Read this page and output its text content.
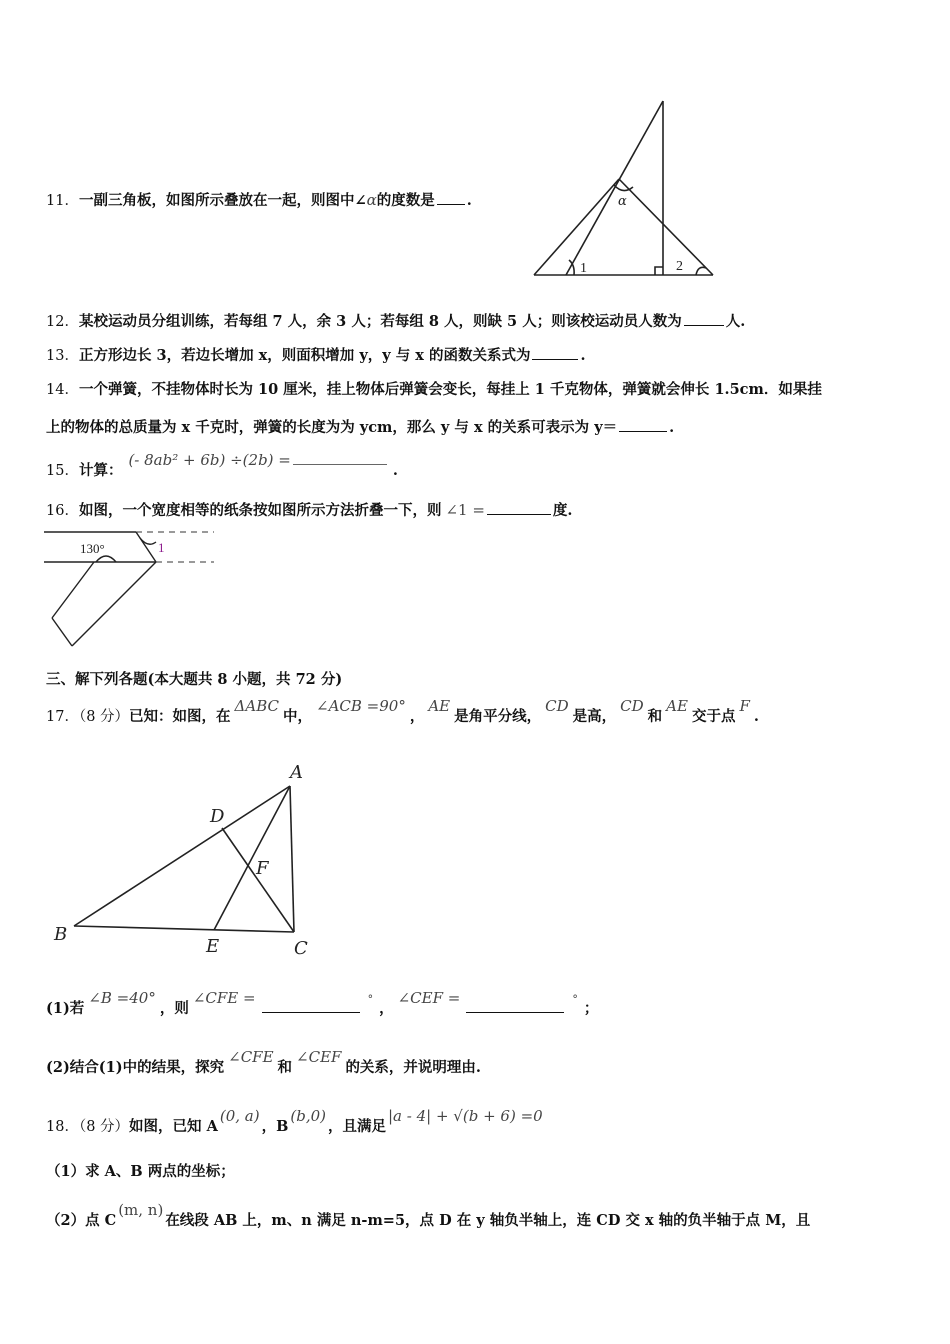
α
1	2
11．一副三角板，如图所示叠放在一起，则图中∠α的度数是 .
12．某校运动员分组训练，若每组 7 人，余 3 人；若每组 8 人，则缺 5 人；则该校运动员人数为	人.
13．正方形边长 3，若边长增加 x，则面积增加 y，y 与 x 的函数关系式为	.
14．一个弹簧，不挂物体时长为 10 厘米，挂上物体后弹簧会变长，每挂上 1 千克物体，弹簧就会伸长 1.5cm．如果挂
上的物体的总质量为 x 千克时，弹簧的长度为为 ycm，那么 y 与 x 的关系可表示为 y＝	.
15．计算：(- 8ab² + 6b) ÷(2b) =.
16．如图，一个宽度相等的纸条按如图所示方法折叠一下，则 ∠1 =	度.
130°	1
三、解下列各题(本大题共 8 小题，共 72 分)
17．（8 分）已知：如图，在ΔABC中，∠ACB =90°，AE是角平分线，CD是高，CD和AE交于点F.
A
B
C
D
E
F
(1)若∠B =40°，则∠CFE =	°，∠CEF =	°；
(2)结合(1)中的结果，探究∠CFE和∠CEF的关系，并说明理由.
18．（8 分）如图，已知 A(0, a)，B(b,0)，且满足|a - 4| + √(b + 6) =0
（1）求 A、B 两点的坐标；
（2）点 C(m, n)在线段 AB 上，m、n 满足 n-m=5，点 D 在 y 轴负半轴上，连 CD 交 x 轴的负半轴于点 M，且
